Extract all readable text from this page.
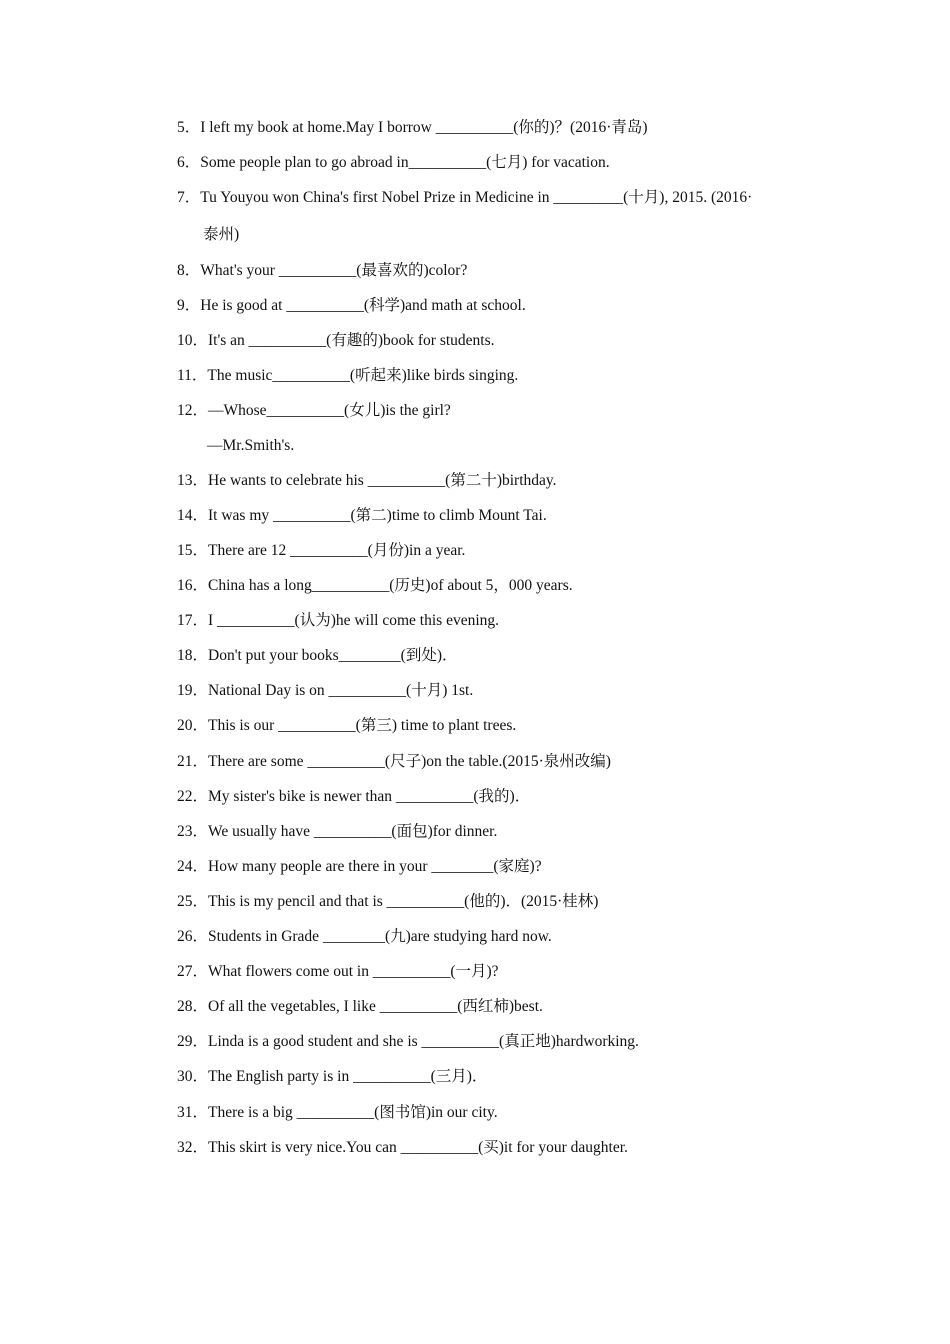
5．I left my book at home.May I borrow __________(你的)？(2016·青岛)
6．Some people plan to go abroad in__________(七月) for vacation.
7．Tu Youyou won China's first Nobel Prize in Medicine in _________(十月), 2015. (2016·
泰州)
8．What's your __________(最喜欢的)color?
9．He is good at __________(科学)and math at school.
10．It's an __________(有趣的)book for students.
11．The music__________(听起来)like birds singing.
12．—Whose__________(女儿)is the girl?
—Mr.Smith's.
13．He wants to celebrate his __________(第二十)birthday.
14．It was my __________(第二)time to climb Mount Tai.
15．There are 12 __________(月份)in a year.
16．China has a long__________(历史)of about 5，000 years.
17．I __________(认为)he will come this evening.
18．Don't put your books________(到处)．
19．National Day is on __________(十月) 1st.
20．This is our __________(第三) time to plant trees.
21．There are some __________(尺子)on the table.(2015·泉州改编)
22．My sister's bike is newer than __________(我的)．
23．We usually have __________(面包)for dinner.
24．How many people are there in your ________(家庭)?
25．This is my pencil and that is __________(他的)．(2015·桂林)
26．Students in Grade ________(九)are studying hard now.
27．What flowers come out in __________(一月)?
28．Of all the vegetables, I like __________(西红柿)best.
29．Linda is a good student and she is __________(真正地)hardworking.
30．The English party is in __________(三月)．
31．There is a big __________(图书馆)in our city.
32．This skirt is very nice.You can __________(买)it for your daughter.
